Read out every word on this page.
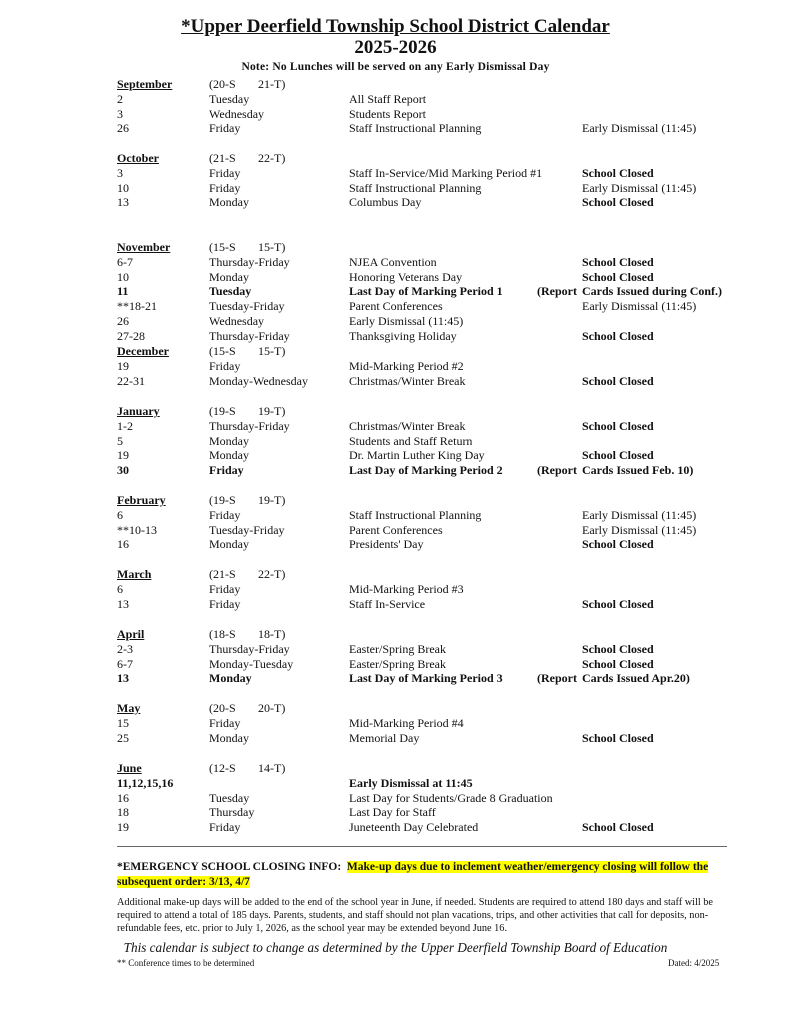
*Upper Deerfield Township School District Calendar
2025-2026
Note: No Lunches will be served on any Early Dismissal Day
September	(20-S 21-T)
2	Tuesday	All Staff Report
3	Wednesday	Students Report
26	Friday	Staff Instructional Planning	Early Dismissal (11:45)
October	(21-S 22-T)
3	Friday	Staff In-Service/Mid Marking Period #1	School Closed
10	Friday	Staff Instructional Planning	Early Dismissal (11:45)
13	Monday	Columbus Day	School Closed
November	(15-S 15-T)
6-7	Thursday-Friday	NJEA Convention	School Closed
10	Monday	Honoring Veterans Day	School Closed
11	Tuesday	Last Day of Marking Period 1	(Report Cards Issued during Conf.)
**18-21	Tuesday-Friday	Parent Conferences	Early Dismissal (11:45)
26	Wednesday	Early Dismissal (11:45)
27-28	Thursday-Friday	Thanksgiving Holiday	School Closed
December	(15-S 15-T)
19	Friday	Mid-Marking Period #2
22-31	Monday-Wednesday	Christmas/Winter Break	School Closed
January	(19-S 19-T)
1-2	Thursday-Friday	Christmas/Winter Break	School Closed
5	Monday	Students and Staff Return
19	Monday	Dr. Martin Luther King Day	School Closed
30	Friday	Last Day of Marking Period 2	(Report Cards Issued Feb. 10)
February	(19-S 19-T)
6	Friday	Staff Instructional Planning	Early Dismissal (11:45)
**10-13	Tuesday-Friday	Parent Conferences	Early Dismissal (11:45)
16	Monday	Presidents' Day	School Closed
March	(21-S 22-T)
6	Friday	Mid-Marking Period #3
13	Friday	Staff In-Service	School Closed
April	(18-S 18-T)
2-3	Thursday-Friday	Easter/Spring Break	School Closed
6-7	Monday-Tuesday	Easter/Spring Break	School Closed
13	Monday	Last Day of Marking Period 3	(Report Cards Issued Apr.20)
May	(20-S 20-T)
15	Friday	Mid-Marking Period #4
25	Monday	Memorial Day	School Closed
June	(12-S 14-T)
11,12,15,16	Early Dismissal at 11:45
16	Tuesday	Last Day for Students/Grade 8 Graduation
18	Thursday	Last Day for Staff
19	Friday	Juneteenth Day Celebrated	School Closed
*EMERGENCY SCHOOL CLOSING INFO: Make-up days due to inclement weather/emergency closing will follow the subsequent order: 3/13, 4/7
Additional make-up days will be added to the end of the school year in June, if needed. Students are required to attend 180 days and staff will be required to attend a total of 185 days. Parents, students, and staff should not plan vacations, trips, and other activities that call for deposits, non-refundable fees, etc. prior to July 1, 2026, as the school year may be extended beyond June 16.
This calendar is subject to change as determined by the Upper Deerfield Township Board of Education
** Conference times to be determined	Dated: 4/2025
